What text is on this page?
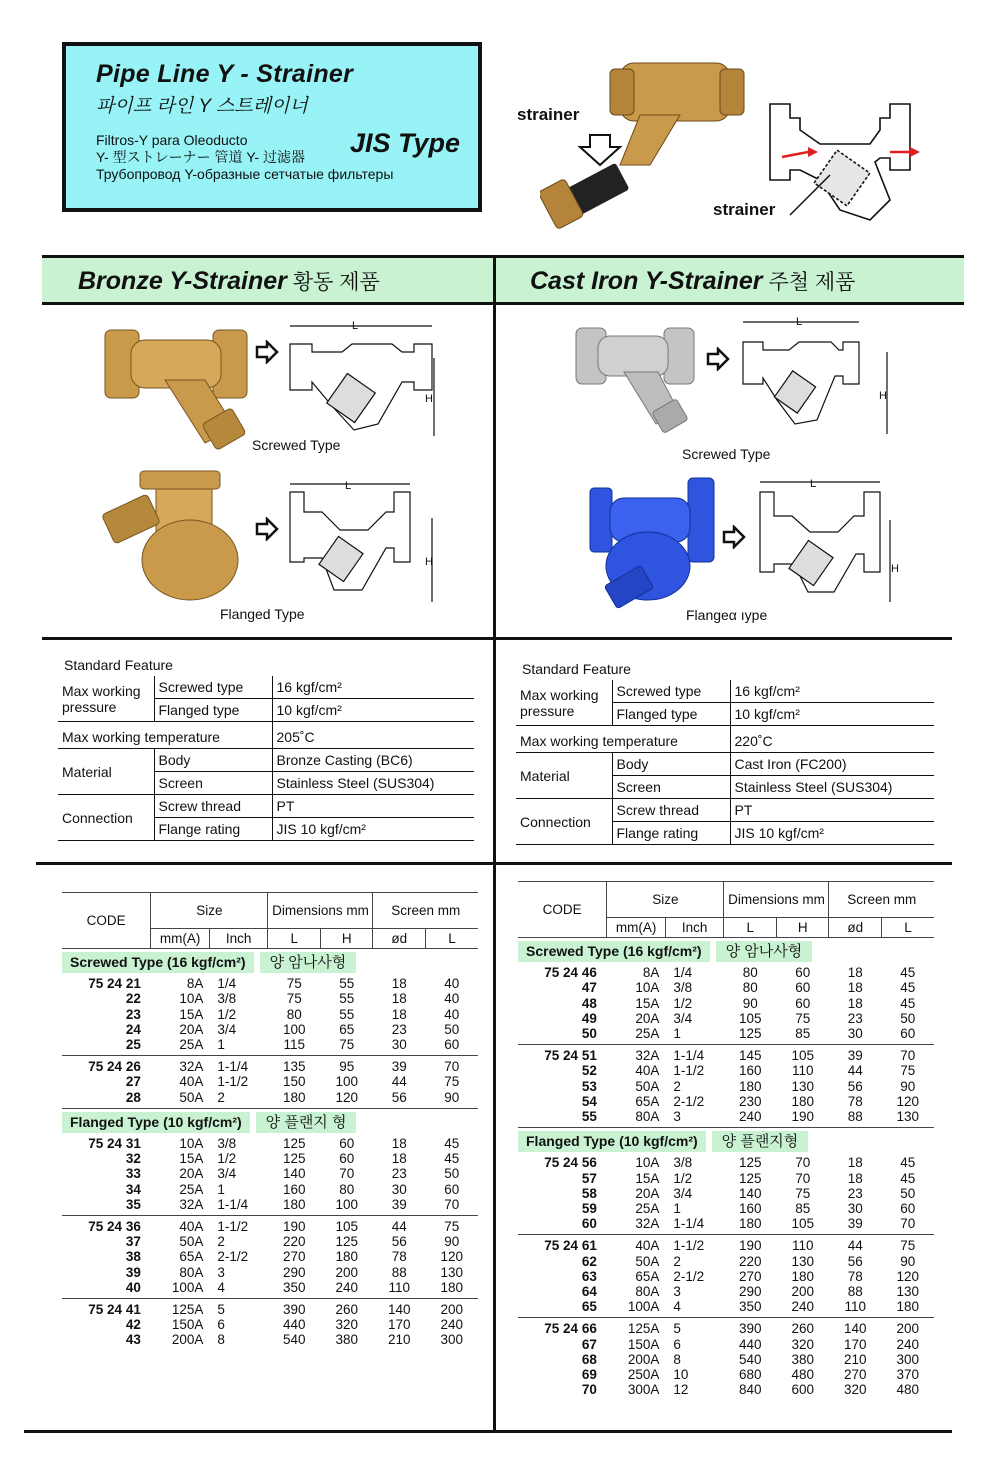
Pipe Line Y - Strainer
파이프 라인 Y 스트레이너
Filtros-Y para Oleoducto
Y- 型ストレーナー 管道 Y- 过滤器
Трубопровод Y-образные сетчатые фильтеры
JIS Type
strainer
strainer
Bronze Y-Strainer 황동 제품	Cast Iron Y-Strainer 주철 제품
L
H
Screwed Type
L
H
Flanged Type
L
H
Screwed Type
L
H
Flangeα ıype
Standard Feature
Max working pressure	Screwed type	16 kgf/cm²
	Flanged type	10 kgf/cm²
Max working temperature		205˚C
Material	Body	Bronze Casting (BC6)
	Screen	Stainless Steel (SUS304)
Connection	Screw thread	PT
	Flange rating	JIS 10 kgf/cm²
Standard Feature
Max working pressure	Screwed type	16 kgf/cm²
	Flanged type	10 kgf/cm²
Max working temperature		220˚C
Material	Body	Cast Iron (FC200)
	Screen	Stainless Steel (SUS304)
Connection	Screw thread	PT
	Flange rating	JIS 10 kgf/cm²
CODE	Size		Dimensions mm		Screen mm	
	mm(A)	Inch	L	H	ød	L

Screwed Type (16 kgf/cm²) 양 암나사형						

75 24 21	8A	1/4	75	55	18	40
22	10A	3/8	75	55	18	40
23	15A	1/2	80	55	18	40
24	20A	3/4	100	65	23	50
25	25A	1	115	75	30	60
75 24 26	32A	1-1/4	135	95	39	70
27	40A	1-1/2	150	100	44	75
28	50A	2	180	120	56	90

Flanged Type (10 kgf/cm²) 양 플랜지 형						

75 24 31	10A	3/8	125	60	18	45
32	15A	1/2	125	60	18	45
33	20A	3/4	140	70	23	50
34	25A	1	160	80	30	60
35	32A	1-1/4	180	100	39	70
75 24 36	40A	1-1/2	190	105	44	75
37	50A	2	220	125	56	90
38	65A	2-1/2	270	180	78	120
39	80A	3	290	200	88	130
40	100A	4	350	240	110	180
75 24 41	125A	5	390	260	140	200
42	150A	6	440	320	170	240
43	200A	8	540	380	210	300
CODE	Size		Dimensions mm		Screen mm	
	mm(A)	Inch	L	H	ød	L

Screwed Type (16 kgf/cm²) 양 암나사형						

75 24 46	8A	1/4	80	60	18	45
47	10A	3/8	80	60	18	45
48	15A	1/2	90	60	18	45
49	20A	3/4	105	75	23	50
50	25A	1	125	85	30	60
75 24 51	32A	1-1/4	145	105	39	70
52	40A	1-1/2	160	110	44	75
53	50A	2	180	130	56	90
54	65A	2-1/2	230	180	78	120
55	80A	3	240	190	88	130

Flanged Type (10 kgf/cm²) 양 플랜지형						

75 24 56	10A	3/8	125	70	18	45
57	15A	1/2	125	70	18	45
58	20A	3/4	140	75	23	50
59	25A	1	160	85	30	60
60	32A	1-1/4	180	105	39	70
75 24 61	40A	1-1/2	190	110	44	75
62	50A	2	220	130	56	90
63	65A	2-1/2	270	180	78	120
64	80A	3	290	200	88	130
65	100A	4	350	240	110	180
75 24 66	125A	5	390	260	140	200
67	150A	6	440	320	170	240
68	200A	8	540	380	210	300
69	250A	10	680	480	270	370
70	300A	12	840	600	320	480
